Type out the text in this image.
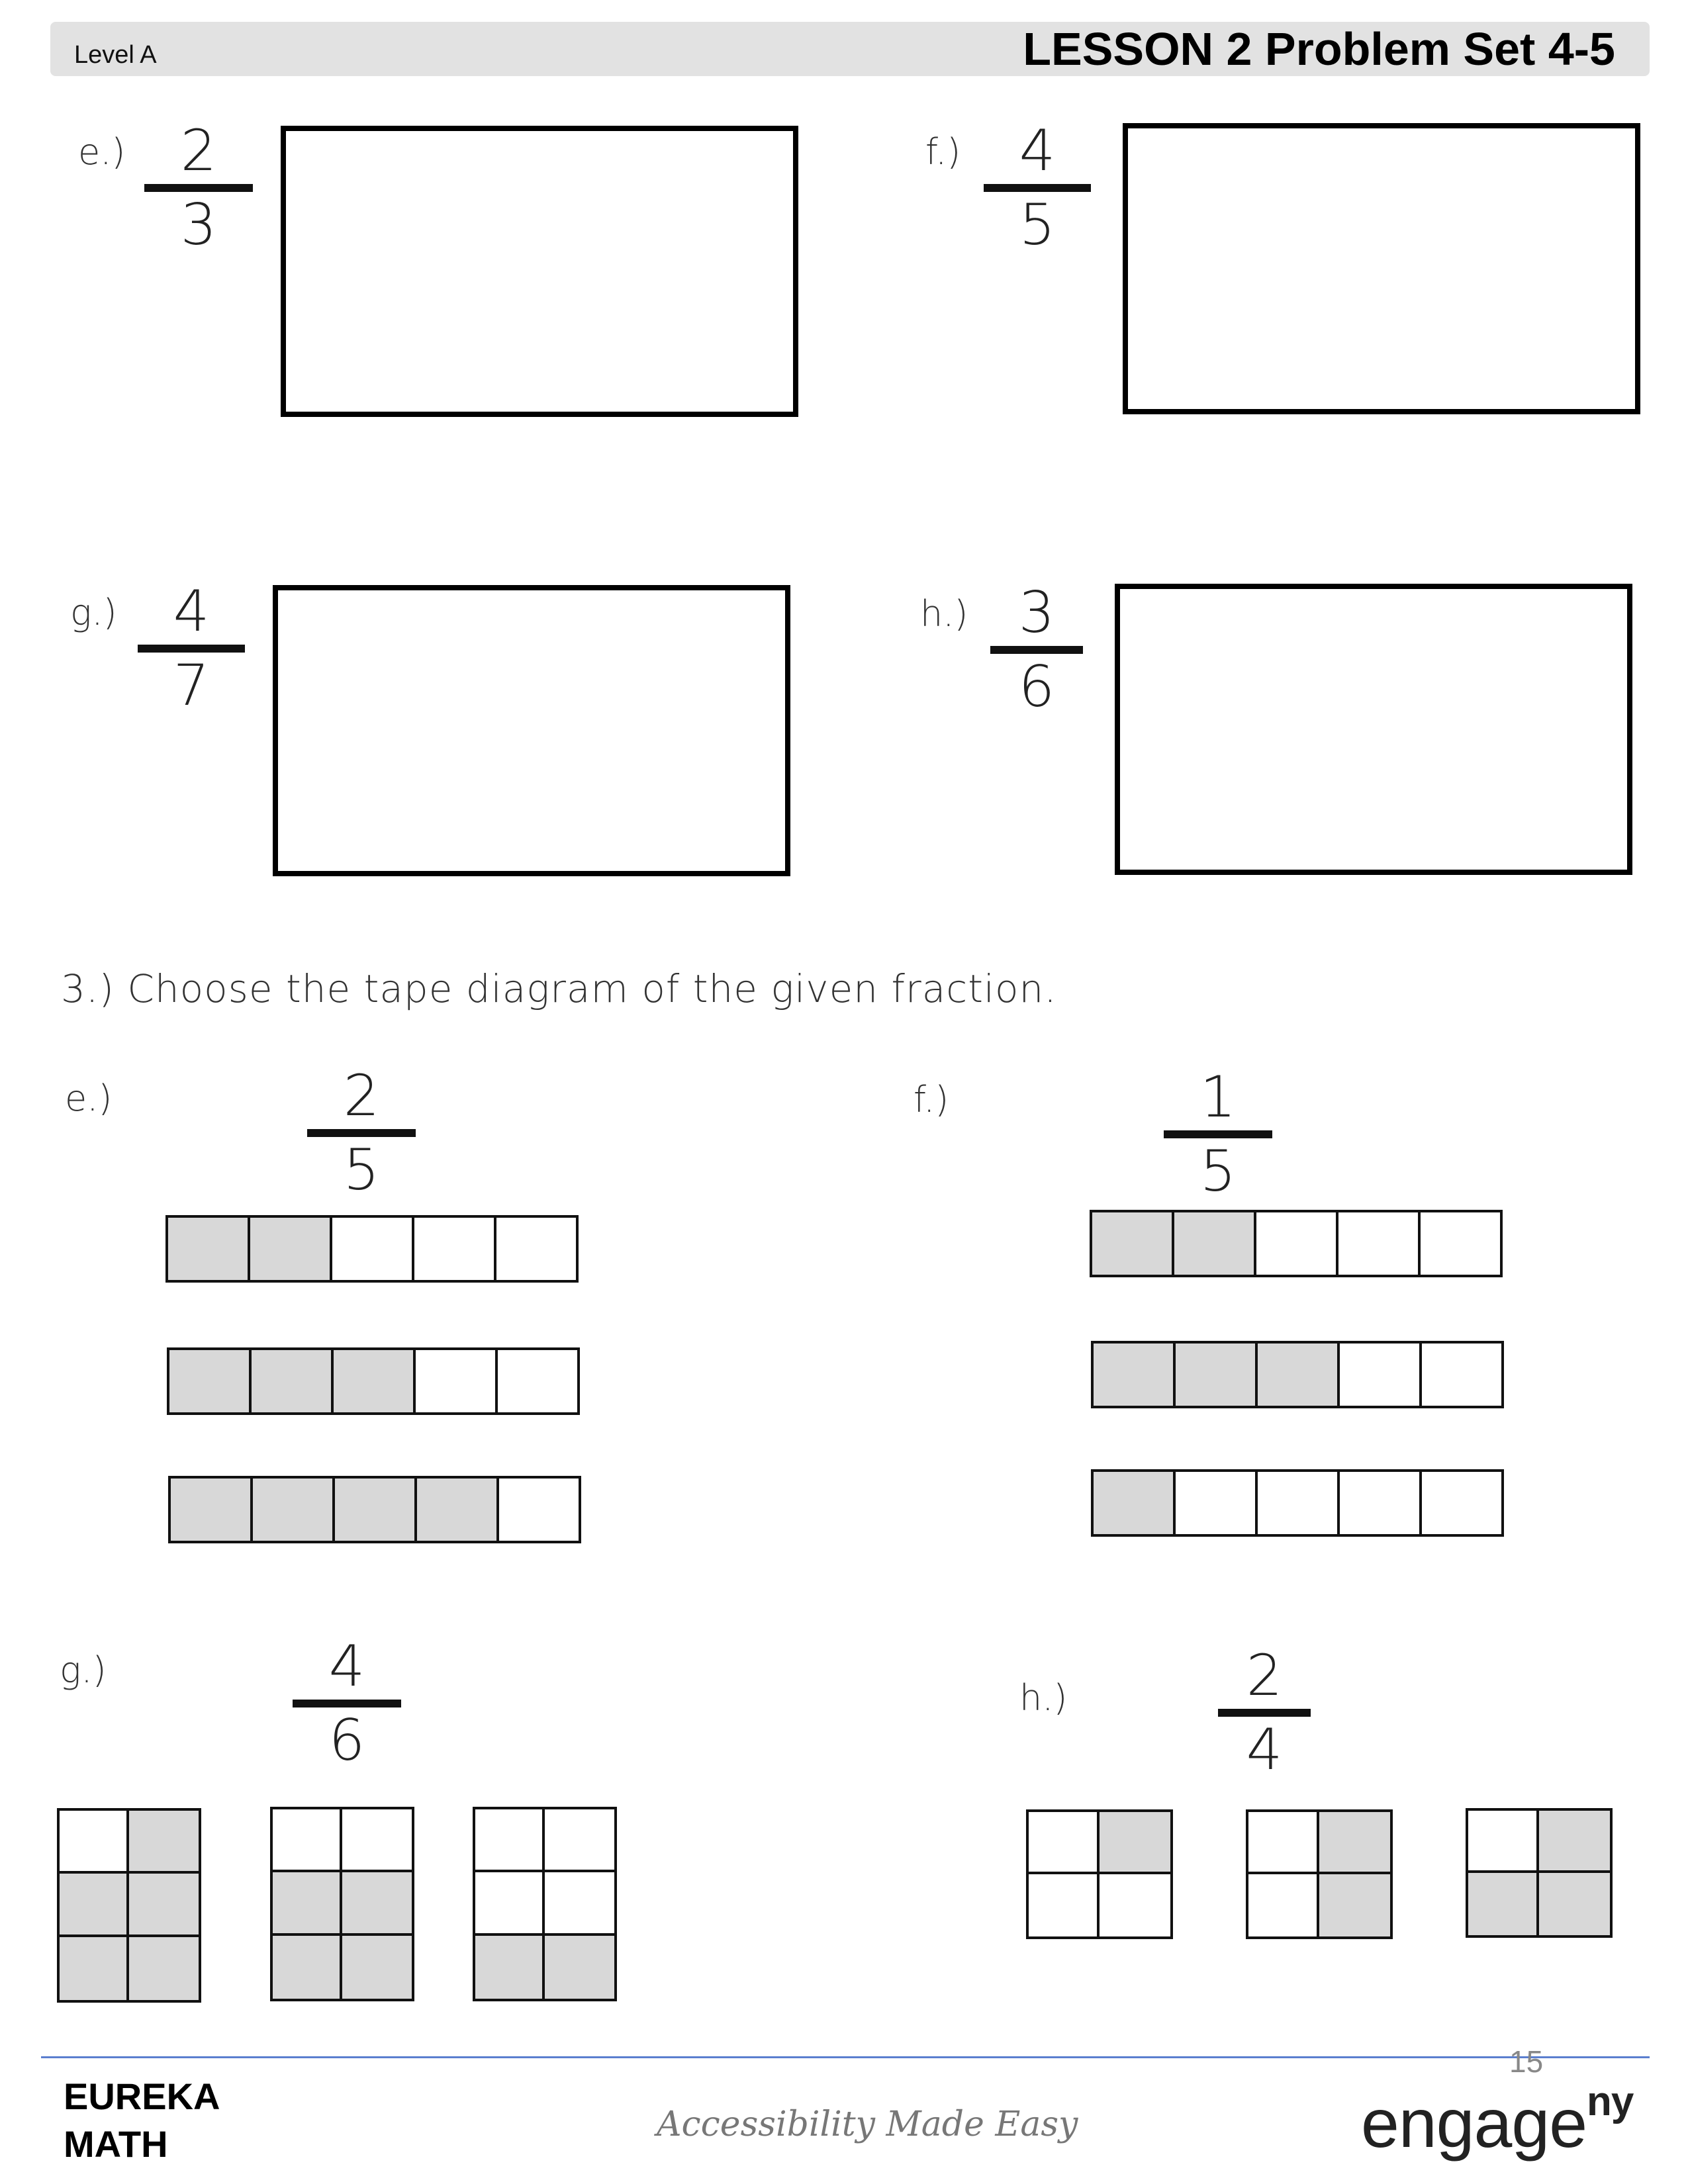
Level A	LESSON 2 Problem Set 4-5
e.) 2
3
f.) 4
5
g.) 4
7
h.) 3
6
3.) Choose the tape diagram of the given fraction.
e.)	2
5
f.)	1
5
g.)	4
6
h.)	2
4
15
EUREKA
MATH	Accessibility Made Easy	engage$^{ny}$
